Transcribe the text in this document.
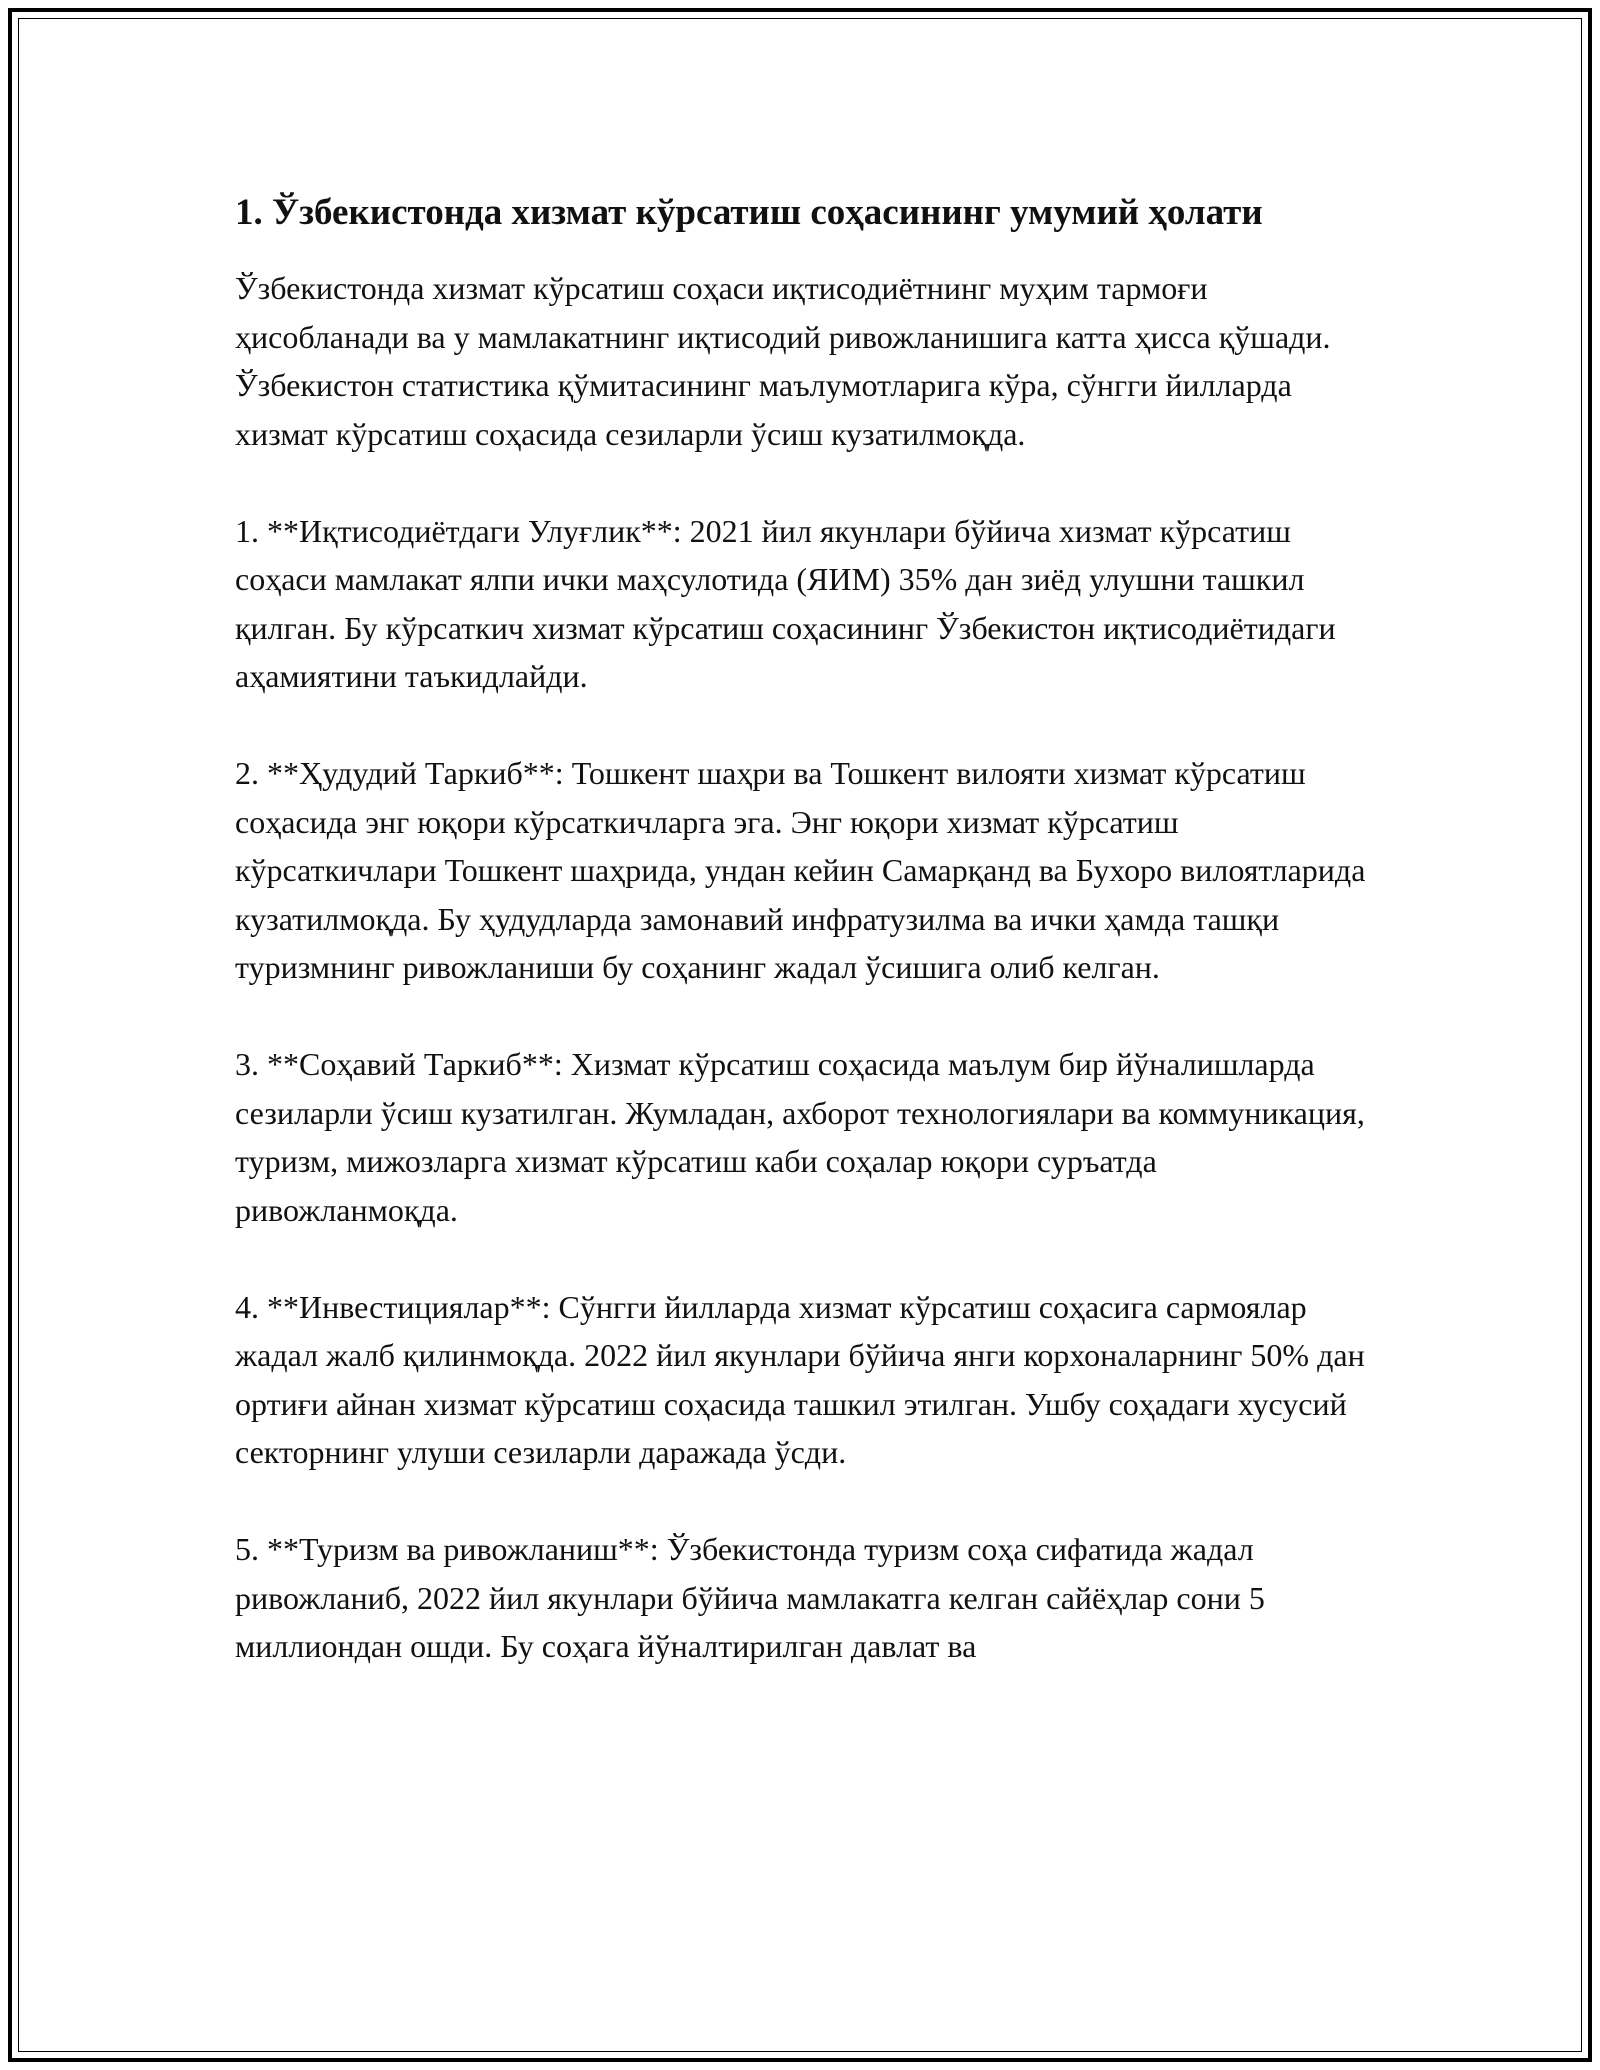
1. Ўзбекистонда хизмат кўрсатиш соҳасининг умумий ҳолати

Ўзбекистонда хизмат кўрсатиш соҳаси иқтисодиётнинг муҳим тармоғи ҳисобланади ва у мамлакатнинг иқтисодий ривожланишига катта ҳисса қўшади. Ўзбекистон статистика қўмитасининг маълумотларига кўра, сўнгги йилларда хизмат кўрсатиш соҳасида сезиларли ўсиш кузатилмоқда.

1. **Иқтисодиётдаги Улуғлик**: 2021 йил якунлари бўйича хизмат кўрсатиш соҳаси мамлакат ялпи ички маҳсулотида (ЯИМ) 35% дан зиёд улушни ташкил қилган. Бу кўрсаткич хизмат кўрсатиш соҳасининг Ўзбекистон иқтисодиётидаги аҳамиятини таъкидлайди.

2. **Ҳудудий Таркиб**: Тошкент шаҳри ва Тошкент вилояти хизмат кўрсатиш соҳасида энг юқори кўрсаткичларга эга. Энг юқори хизмат кўрсатиш кўрсаткичлари Тошкент шаҳрида, ундан кейин Самарқанд ва Бухоро вилоятларида кузатилмоқда. Бу ҳудудларда замонавий инфратузилма ва ички ҳамда ташқи туризмнинг ривожланиши бу соҳанинг жадал ўсишига олиб келган.

3. **Соҳавий Таркиб**: Хизмат кўрсатиш соҳасида маълум бир йўналишларда сезиларли ўсиш кузатилган. Жумладан, ахборот технологиялари ва коммуникация, туризм, мижозларга хизмат кўрсатиш каби соҳалар юқори суръатда ривожланмоқда.

4. **Инвестициялар**: Сўнгги йилларда хизмат кўрсатиш соҳасига сармоялар жадал жалб қилинмоқда. 2022 йил якунлари бўйича янги корхоналарнинг 50% дан ортиғи айнан хизмат кўрсатиш соҳасида ташкил этилган. Ушбу соҳадаги хусусий секторнинг улуши сезиларли даражада ўсди.

5. **Туризм ва ривожланиш**: Ўзбекистонда туризм соҳа сифатида жадал ривожланиб, 2022 йил якунлари бўйича мамлакатга келган сайёҳлар сони 5 миллиондан ошди. Бу соҳага йўналтирилган давлат ва
